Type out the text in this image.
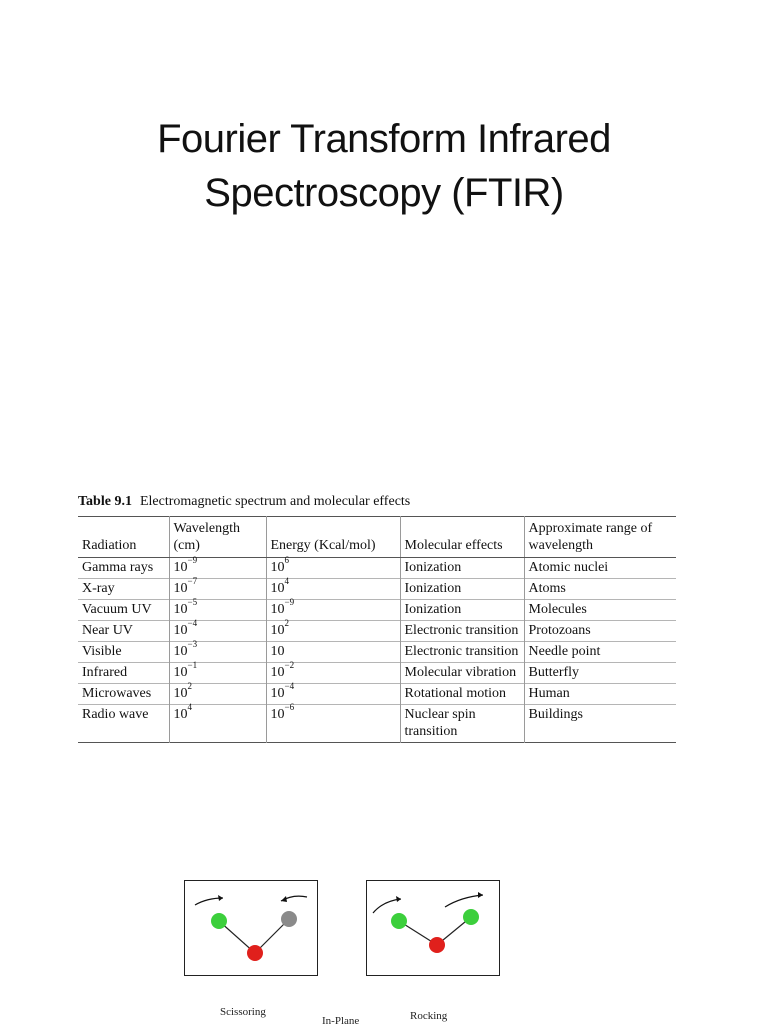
Fourier Transform Infrared
Spectroscopy (FTIR)
Table 9.1 Electromagnetic spectrum and molecular effects
Radiation	Wavelength (cm)	Energy (Kcal/mol)	Molecular effects	Approximate range of wavelength
Gamma rays	$10^{-9}$	$10^6$	Ionization	Atomic nuclei
X-ray	$10^{-7}$	$10^4$	Ionization	Atoms
Vacuum UV	$10^{-5}$	$10^{-9}$	Ionization	Molecules
Near UV	$10^{-4}$	$10^2$	Electronic transition	Protozoans
Visible	$10^{-3}$	10	Electronic transition	Needle point
Infrared	$10^{-1}$	$10^{-2}$	Molecular vibration	Butterfly
Microwaves	$10^2$	$10^{-4}$	Rotational motion	Human
Radio wave	$10^4$	$10^{-6}$	Nuclear spin transition	Buildings
Scissoring	Rocking
In-Plane
